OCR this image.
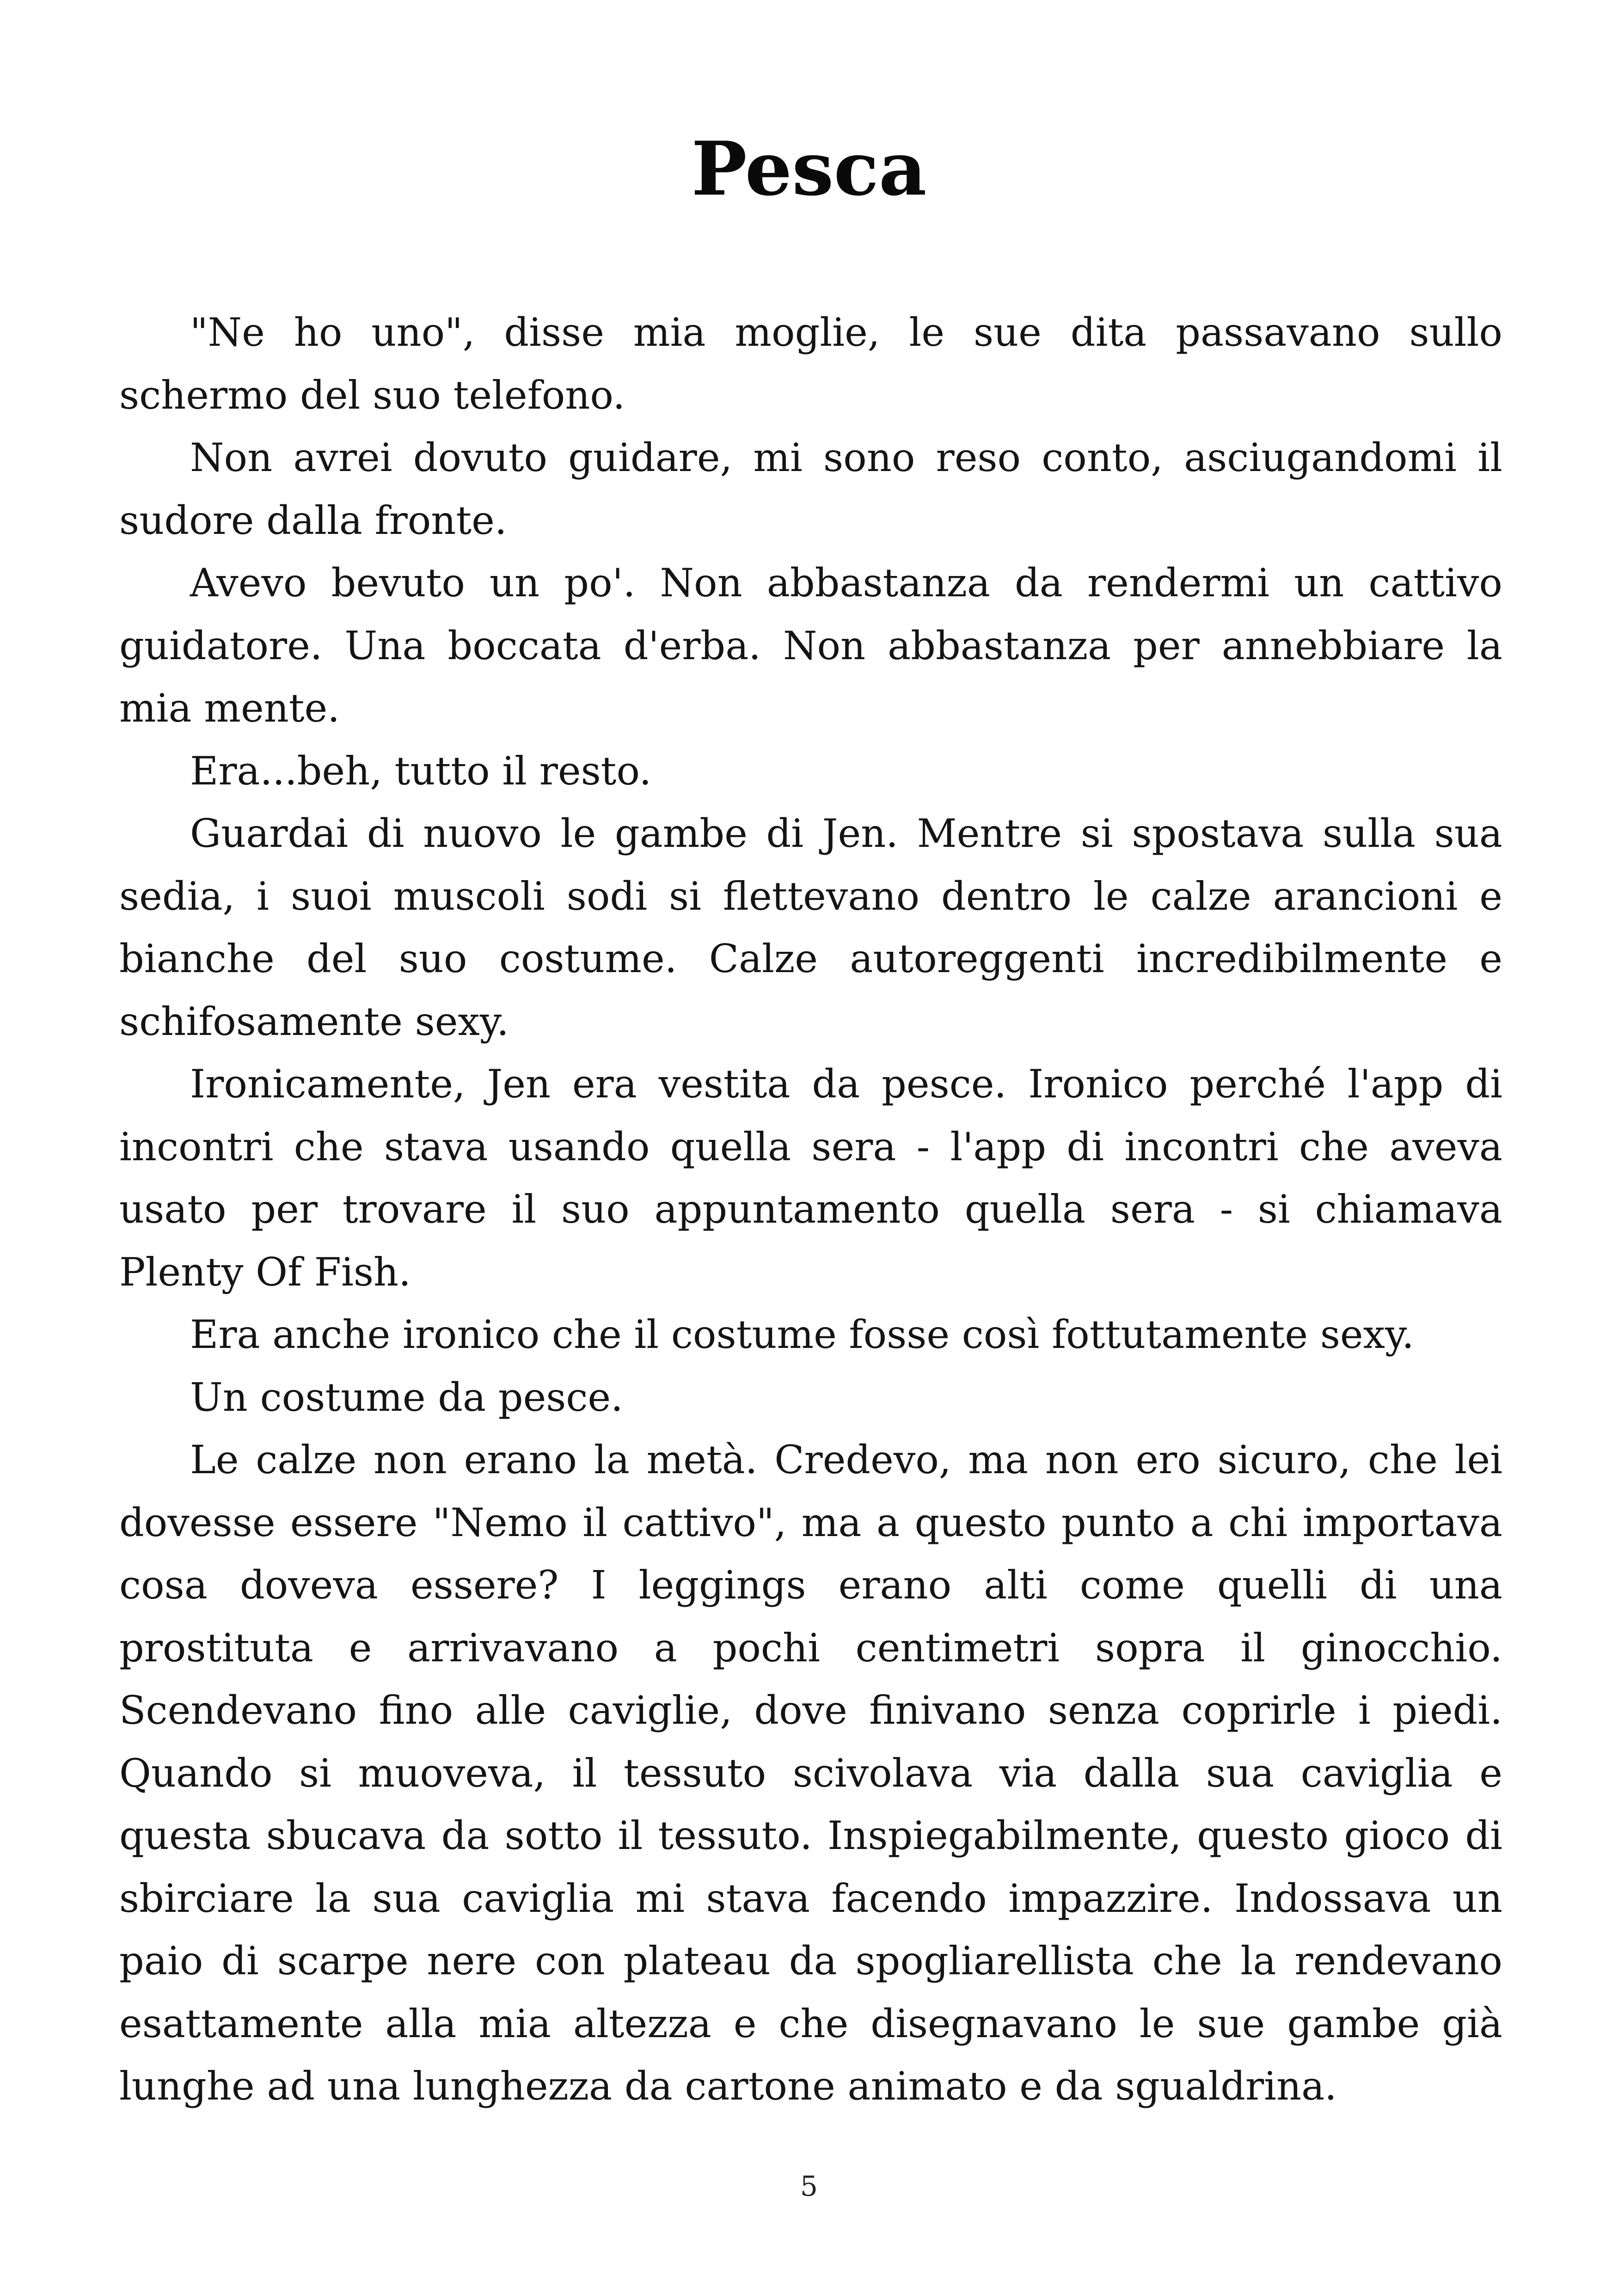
Pesca

"Ne ho uno", disse mia moglie, le sue dita passavano sullo schermo del suo telefono.

Non avrei dovuto guidare, mi sono reso conto, asciugandomi il sudore dalla fronte.

Avevo bevuto un po'. Non abbastanza da rendermi un cattivo guidatore. Una boccata d'erba. Non abbastanza per annebbiare la mia mente.

Era...beh, tutto il resto.

Guardai di nuovo le gambe di Jen. Mentre si spostava sulla sua sedia, i suoi muscoli sodi si flettevano dentro le calze arancioni e bianche del suo costume. Calze autoreggenti incredibilmente e schifosamente sexy.

Ironicamente, Jen era vestita da pesce. Ironico perché l'app di incontri che stava usando quella sera - l'app di incontri che aveva usato per trovare il suo appuntamento quella sera - si chiamava Plenty Of Fish.

Era anche ironico che il costume fosse così fottutamente sexy.

Un costume da pesce.

Le calze non erano la metà. Credevo, ma non ero sicuro, che lei dovesse essere "Nemo il cattivo", ma a questo punto a chi importava cosa doveva essere? I leggings erano alti come quelli di una prostituta e arrivavano a pochi centimetri sopra il ginocchio. Scendevano fino alle caviglie, dove finivano senza coprirle i piedi. Quando si muoveva, il tessuto scivolava via dalla sua caviglia e questa sbucava da sotto il tessuto. Inspiegabilmente, questo gioco di sbirciare la sua caviglia mi stava facendo impazzire. Indossava un paio di scarpe nere con plateau da spogliarellista che la rendevano esattamente alla mia altezza e che disegnavano le sue gambe già lunghe ad una lunghezza da cartone animato e da sgualdrina.

5
